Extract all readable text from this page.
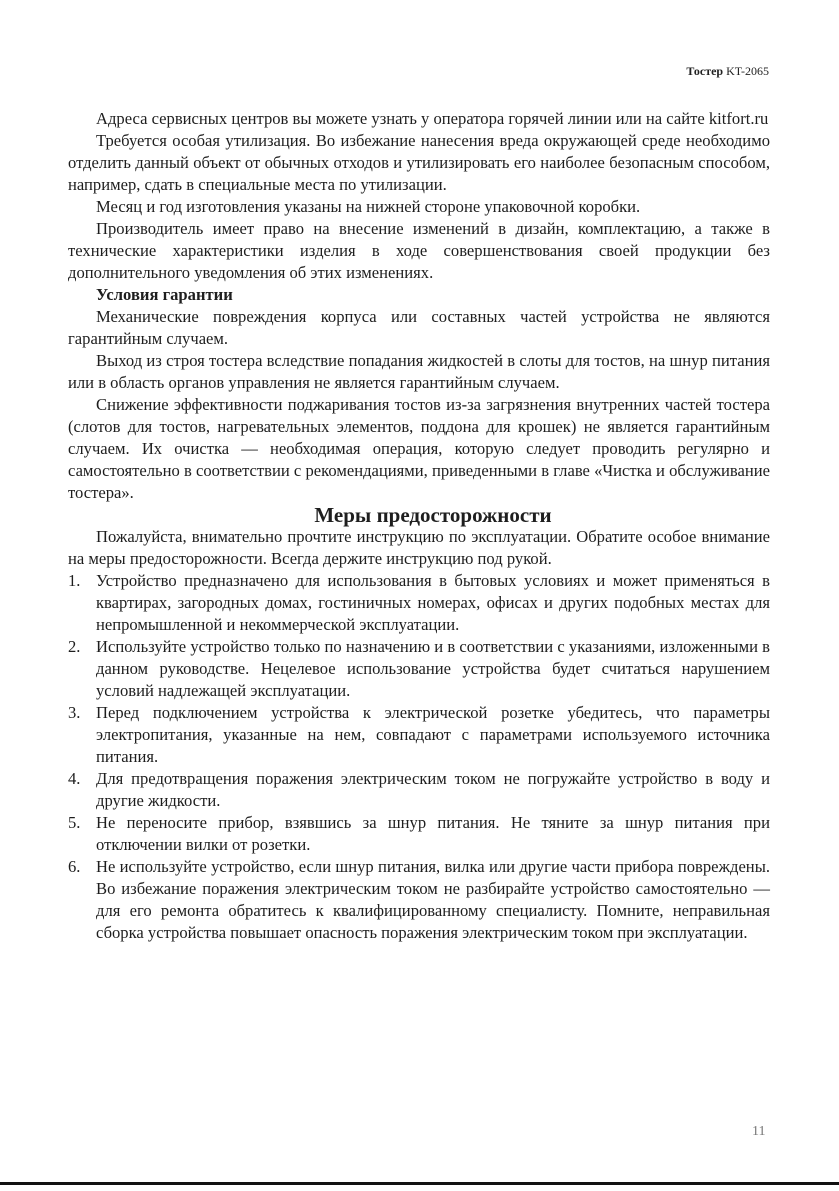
Тостер KT-2065

Адреса сервисных центров вы можете узнать у оператора горячей линии или на сайте kitfort.ru

Требуется особая утилизация. Во избежание нанесения вреда окружающей среде необходимо отделить данный объект от обычных отходов и утилизировать его наиболее безопасным способом, например, сдать в специальные места по утилизации.

Месяц и год изготовления указаны на нижней стороне упаковочной коробки.

Производитель имеет право на внесение изменений в дизайн, комплектацию, а также в технические характеристики изделия в ходе совершенствования своей продукции без дополнительного уведомления об этих изменениях.

Условия гарантии

Механические повреждения корпуса или составных частей устройства не являются гарантийным случаем.

Выход из строя тостера вследствие попадания жидкостей в слоты для тостов, на шнур питания или в область органов управления не является гарантийным случаем.

Снижение эффективности поджаривания тостов из-за загрязнения внутренних частей тостера (слотов для тостов, нагревательных элементов, поддона для крошек) не является гарантийным случаем. Их очистка — необходимая операция, которую следует проводить регулярно и самостоятельно в соответствии с рекомендациями, приведенными в главе «Чистка и обслуживание тостера».

Меры предосторожности

Пожалуйста, внимательно прочтите инструкцию по эксплуатации. Обратите особое внимание на меры предосторожности. Всегда держите инструкцию под рукой.

1. Устройство предназначено для использования в бытовых условиях и может применяться в квартирах, загородных домах, гостиничных номерах, офисах и других подобных местах для непромышленной и некоммерческой эксплуатации.
2. Используйте устройство только по назначению и в соответствии с указаниями, изложенными в данном руководстве. Нецелевое использование устройства будет считаться нарушением условий надлежащей эксплуатации.
3. Перед подключением устройства к электрической розетке убедитесь, что параметры электропитания, указанные на нем, совпадают с параметрами используемого источника питания.
4. Для предотвращения поражения электрическим током не погружайте устройство в воду и другие жидкости.
5. Не переносите прибор, взявшись за шнур питания. Не тяните за шнур питания при отключении вилки от розетки.
6. Не используйте устройство, если шнур питания, вилка или другие части прибора повреждены. Во избежание поражения электрическим током не разбирайте устройство самостоятельно — для его ремонта обратитесь к квалифицированному специалисту. Помните, неправильная сборка устройства повышает опасность поражения электрическим током при эксплуатации.
11
